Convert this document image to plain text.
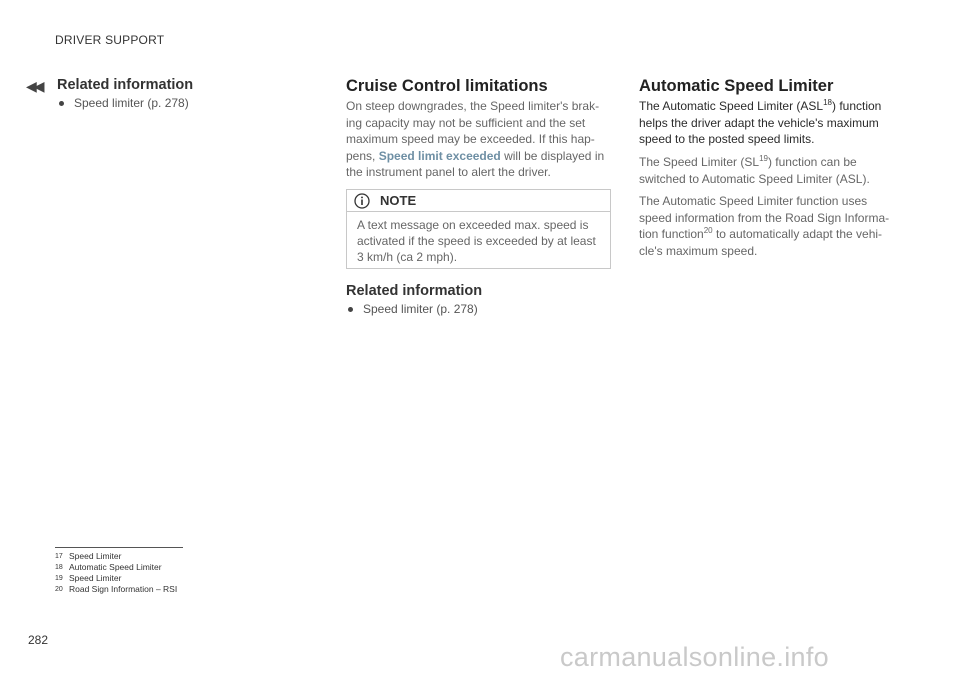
DRIVER SUPPORT
◀◀ Related information
Speed limiter (p. 278)
Cruise Control limitations
On steep downgrades, the Speed limiter's brak-
ing capacity may not be sufficient and the set
maximum speed may be exceeded. If this hap-
pens, Speed limit exceeded will be displayed in
the instrument panel to alert the driver.
NOTE
A text message on exceeded max. speed is
activated if the speed is exceeded by at least
3 km/h (ca 2 mph).
Related information
Speed limiter (p. 278)
Automatic Speed Limiter
The Automatic Speed Limiter (ASL$^{18}$) function
helps the driver adapt the vehicle's maximum
speed to the posted speed limits.
The Speed Limiter (SL$^{19}$) function can be
switched to Automatic Speed Limiter (ASL).
The Automatic Speed Limiter function uses
speed information from the Road Sign Informa-
tion function$^{20}$ to automatically adapt the vehi-
cle's maximum speed.
17 Speed Limiter
18 Automatic Speed Limiter
19 Speed Limiter
20 Road Sign Information – RSI
282
carmanualsonline.info
